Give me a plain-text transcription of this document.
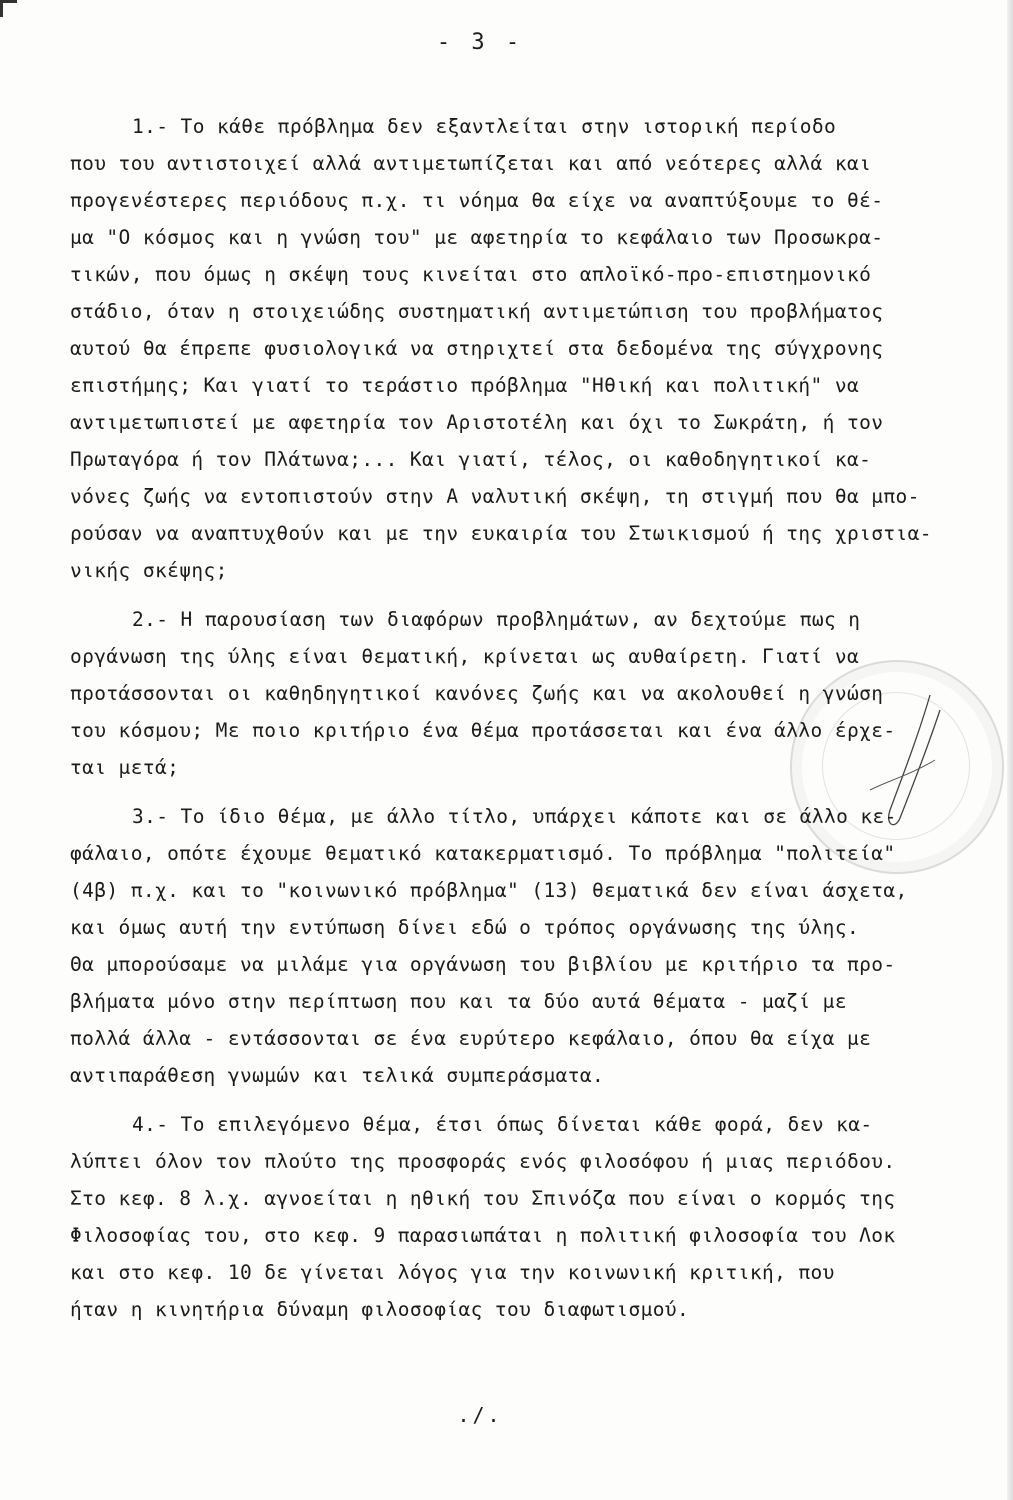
- 3 -
1.- Το κάθε πρόβλημα δεν εξαντλείται στην ιστορική περίοδο
που του αντιστοιχεί αλλά αντιμετωπίζεται και από νεότερες αλλά και
προγενέστερες περιόδους π.χ. τι νόημα θα είχε να αναπτύξουμε το θέ-
μα "Ο κόσμος και η γνώση του" με αφετηρία το κεφάλαιο των Προσωκρα-
τικών, που όμως η σκέψη τους κινείται στο απλοϊκό-προ-επιστημονικό
στάδιο, όταν η στοιχειώδης συστηματική αντιμετώπιση του προβλήματος
αυτού θα έπρεπε φυσιολογικά να στηριχτεί στα δεδομένα της σύγχρονης
επιστήμης; Και γιατί το τεράστιο πρόβλημα "Ηθική και πολιτική" να
αντιμετωπιστεί με αφετηρία τον Αριστοτέλη και όχι το Σωκράτη, ή τον
Πρωταγόρα ή τον Πλάτωνα;... Και γιατί, τέλος, οι καθοδηγητικοί κα-
νόνες ζωής να εντοπιστούν στην Α ναλυτική σκέψη, τη στιγμή που θα μπο-
ρούσαν να αναπτυχθούν και με την ευκαιρία του Στωικισμού ή της χριστια-
νικής σκέψης;
2.- Η παρουσίαση των διαφόρων προβλημάτων, αν δεχτούμε πως η
οργάνωση της ύλης είναι θεματική, κρίνεται ως αυθαίρετη. Γιατί να
προτάσσονται οι καθηδηγητικοί κανόνες ζωής και να ακολουθεί η γνώση
του κόσμου; Με ποιο κριτήριο ένα θέμα προτάσσεται και ένα άλλο έρχε-
ται μετά;
3.- Το ίδιο θέμα, με άλλο τίτλο, υπάρχει κάποτε και σε άλλο κε-
φάλαιο, οπότε έχουμε θεματικό κατακερματισμό. Το πρόβλημα "πολιτεία"
(4β) π.χ. και το "κοινωνικό πρόβλημα" (13) θεματικά δεν είναι άσχετα,
και όμως αυτή την εντύπωση δίνει εδώ ο τρόπος οργάνωσης της ύλης.
Θα μπορούσαμε να μιλάμε για οργάνωση του βιβλίου με κριτήριο τα προ-
βλήματα μόνο στην περίπτωση που και τα δύο αυτά θέματα - μαζί με
πολλά άλλα - εντάσσονται σε ένα ευρύτερο κεφάλαιο, όπου θα είχα με
αντιπαράθεση γνωμών και τελικά συμπεράσματα.
4.- Το επιλεγόμενο θέμα, έτσι όπως δίνεται κάθε φορά, δεν κα-
λύπτει όλον τον πλούτο της προσφοράς ενός φιλοσόφου ή μιας περιόδου.
Στο κεφ. 8 λ.χ. αγνοείται η ηθική του Σπινόζα που είναι ο κορμός της
Φιλοσοφίας του, στο κεφ. 9 παρασιωπάται η πολιτική φιλοσοφία του Λοκ
και στο κεφ. 10 δε γίνεται λόγος για την κοινωνική κριτική, που
ήταν η κινητήρια δύναμη φιλοσοφίας του διαφωτισμού.
./.
